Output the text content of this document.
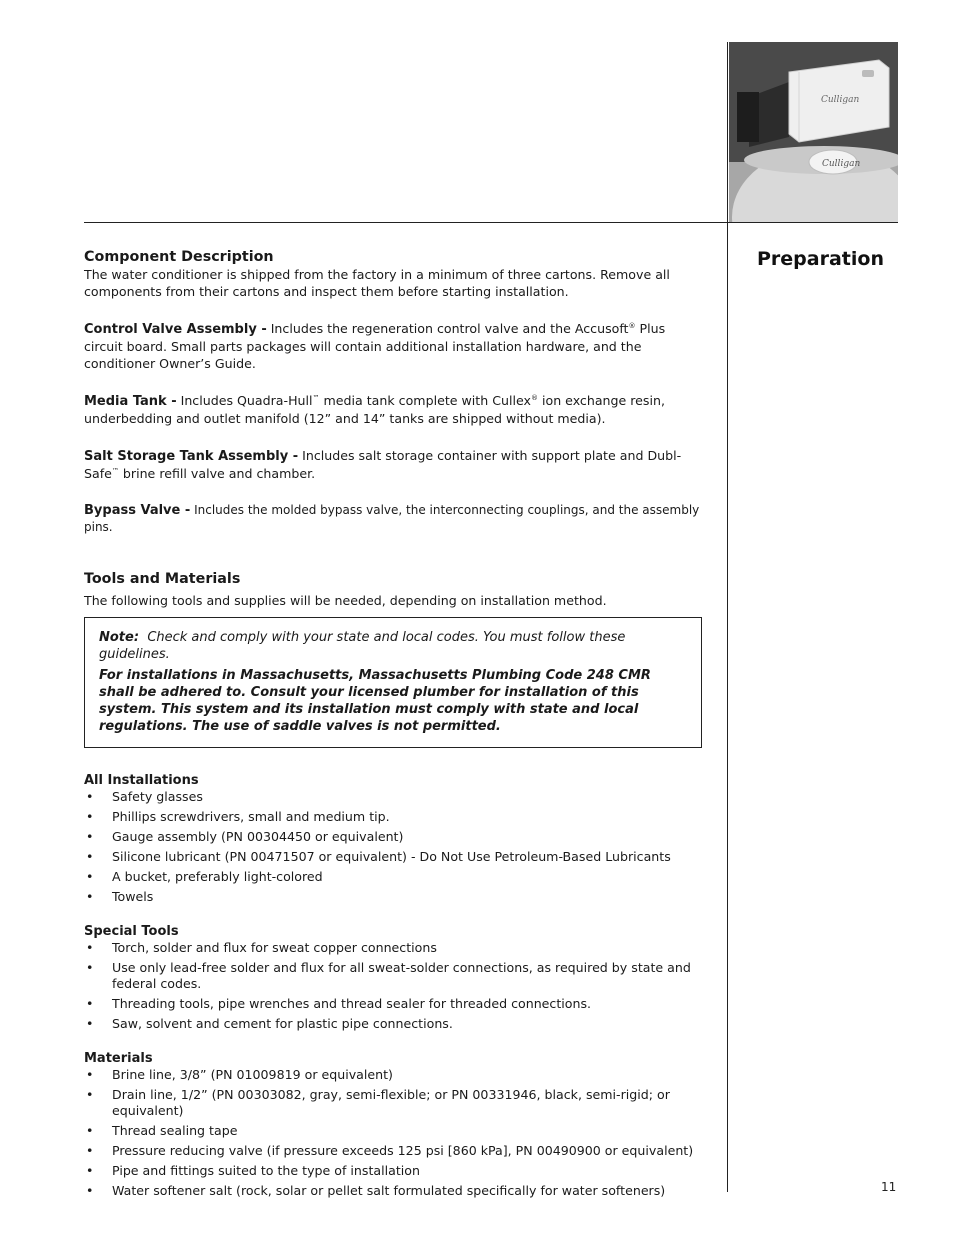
Culligan
Culligan
Preparation
11

Component Description

The water conditioner is shipped from the factory in a minimum of three cartons. Remove all components from their cartons and inspect them before starting installation.

Control Valve Assembly - Includes the regeneration control valve and the Accusoft® Plus circuit board. Small parts packages will contain additional installation hardware, and the conditioner Owner’s Guide.

Media Tank - Includes Quadra-Hull™ media tank complete with Cullex® ion exchange resin, underbedding and outlet manifold (12” and 14” tanks are shipped without media).

Salt Storage Tank Assembly - Includes salt storage container with support plate and Dubl-Safe™ brine refill valve and chamber.

Bypass Valve - Includes the molded bypass valve, the interconnecting couplings, and the assembly pins.

Tools and Materials

The following tools and supplies will be needed, depending on installation method.

Note: Check and comply with your state and local codes. You must follow these guidelines.

For installations in Massachusetts, Massachusetts Plumbing Code 248 CMR shall be adhered to. Consult your licensed plumber for installation of this system. This system and its installation must comply with state and local regulations. The use of saddle valves is not permitted.

All Installations

• Safety glasses
• Phillips screwdrivers, small and medium tip.
• Gauge assembly (PN 00304450 or equivalent)
• Silicone lubricant (PN 00471507 or equivalent) - Do Not Use Petroleum-Based Lubricants
• A bucket, preferably light-colored
• Towels

Special Tools

• Torch, solder and flux for sweat copper connections
• Use only lead-free solder and flux for all sweat-solder connections, as required by state and federal codes.
• Threading tools, pipe wrenches and thread sealer for threaded connections.
• Saw, solvent and cement for plastic pipe connections.

Materials

• Brine line, 3/8” (PN 01009819 or equivalent)
• Drain line, 1/2” (PN 00303082, gray, semi-flexible; or PN 00331946, black, semi-rigid; or equivalent)
• Thread sealing tape
• Pressure reducing valve (if pressure exceeds 125 psi [860 kPa], PN 00490900 or equivalent)
• Pipe and fittings suited to the type of installation
• Water softener salt (rock, solar or pellet salt formulated specifically for water softeners)
